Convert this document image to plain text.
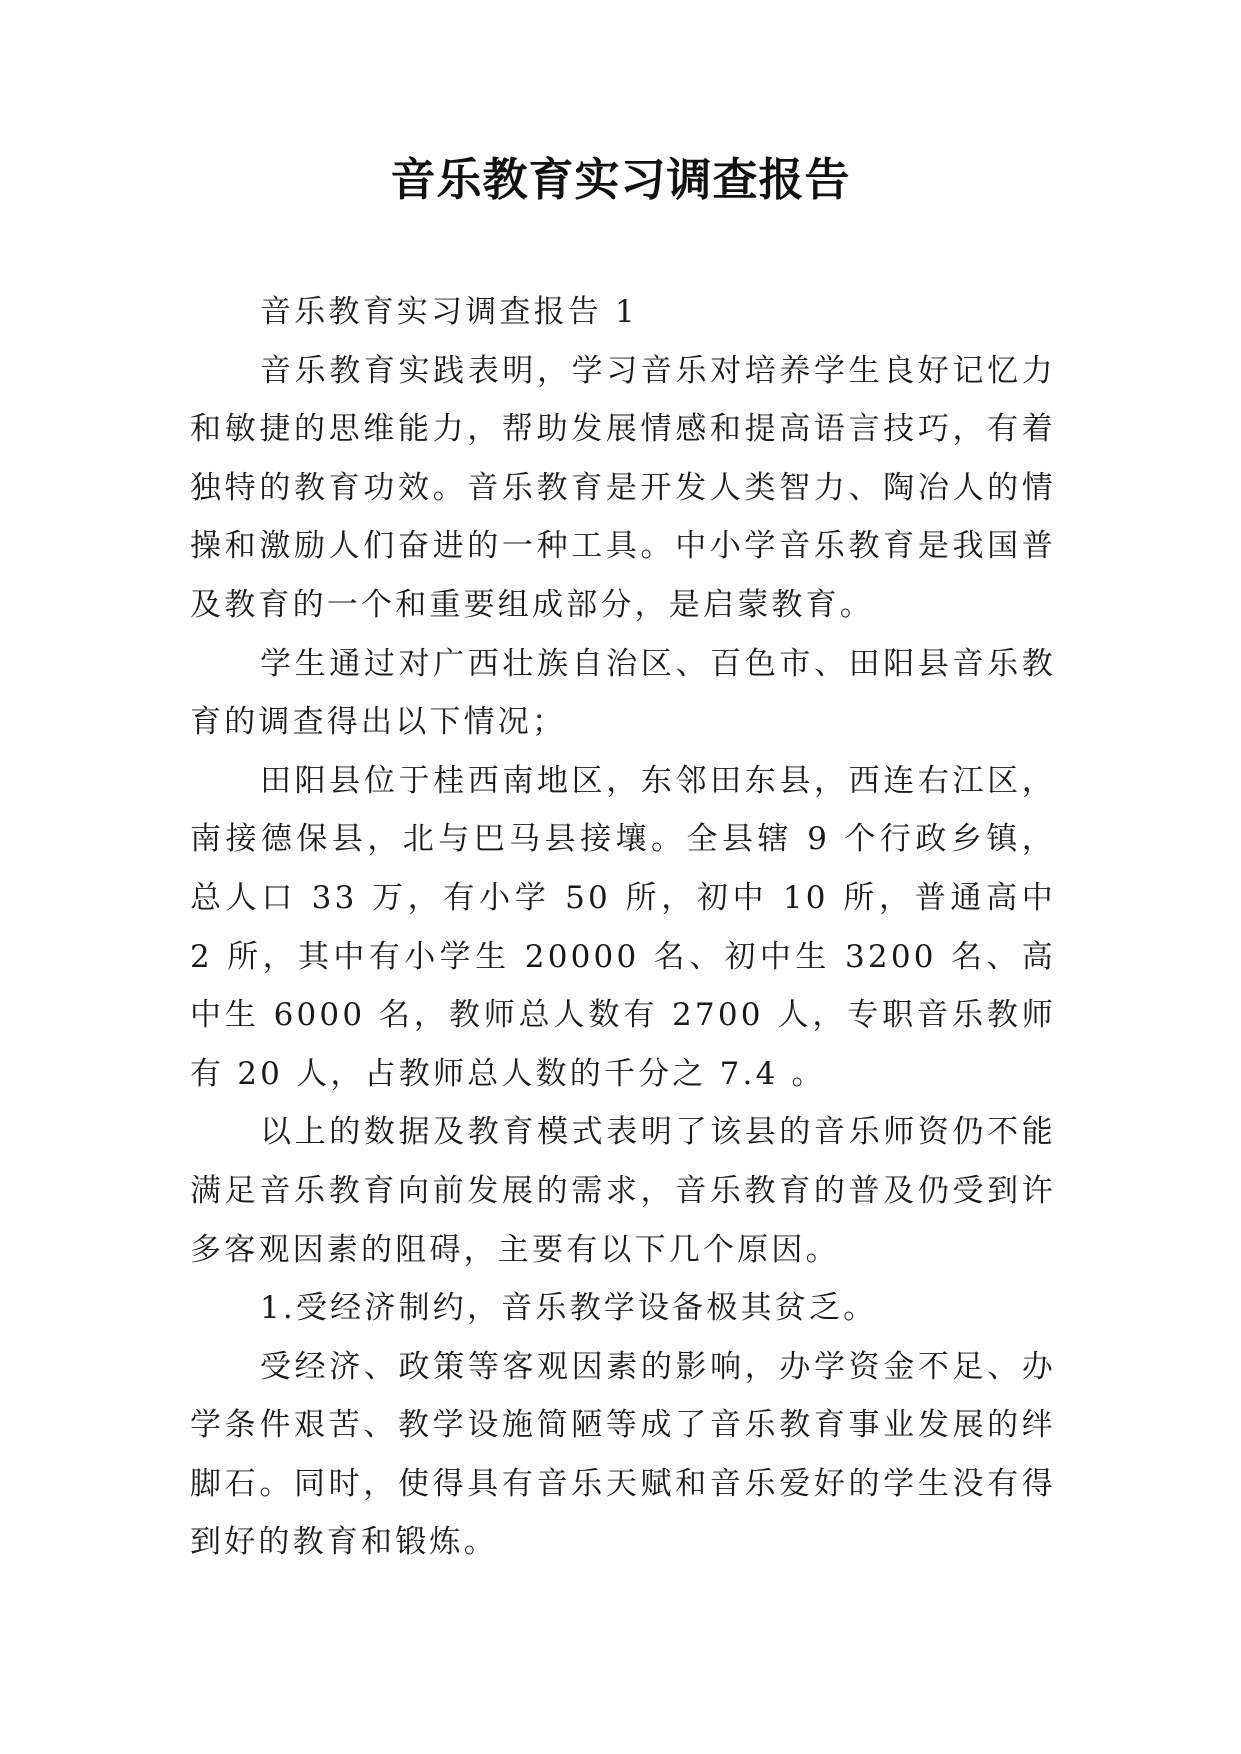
音乐教育实习调查报告

音乐教育实习调查报告 1

音乐教育实践表明，学习音乐对培养学生良好记忆力和敏捷的思维能力，帮助发展情感和提高语言技巧，有着独特的教育功效。音乐教育是开发人类智力、陶冶人的情操和激励人们奋进的一种工具。中小学音乐教育是我国普及教育的一个和重要组成部分，是启蒙教育。

学生通过对广西壮族自治区、百色市、田阳县音乐教育的调查得出以下情况；

田阳县位于桂西南地区，东邻田东县，西连右江区，南接德保县，北与巴马县接壤。全县辖 9 个行政乡镇，总人口 33 万，有小学 50 所，初中 10 所，普通高中 2 所，其中有小学生 20000 名、初中生 3200 名、高中生 6000 名，教师总人数有 2700 人，专职音乐教师有 20 人，占教师总人数的千分之 7.4 。

以上的数据及教育模式表明了该县的音乐师资仍不能满足音乐教育向前发展的需求，音乐教育的普及仍受到许多客观因素的阻碍，主要有以下几个原因。

1.受经济制约，音乐教学设备极其贫乏。

受经济、政策等客观因素的影响，办学资金不足、办学条件艰苦、教学设施简陋等成了音乐教育事业发展的绊脚石。同时，使得具有音乐天赋和音乐爱好的学生没有得到好的教育和锻炼。
